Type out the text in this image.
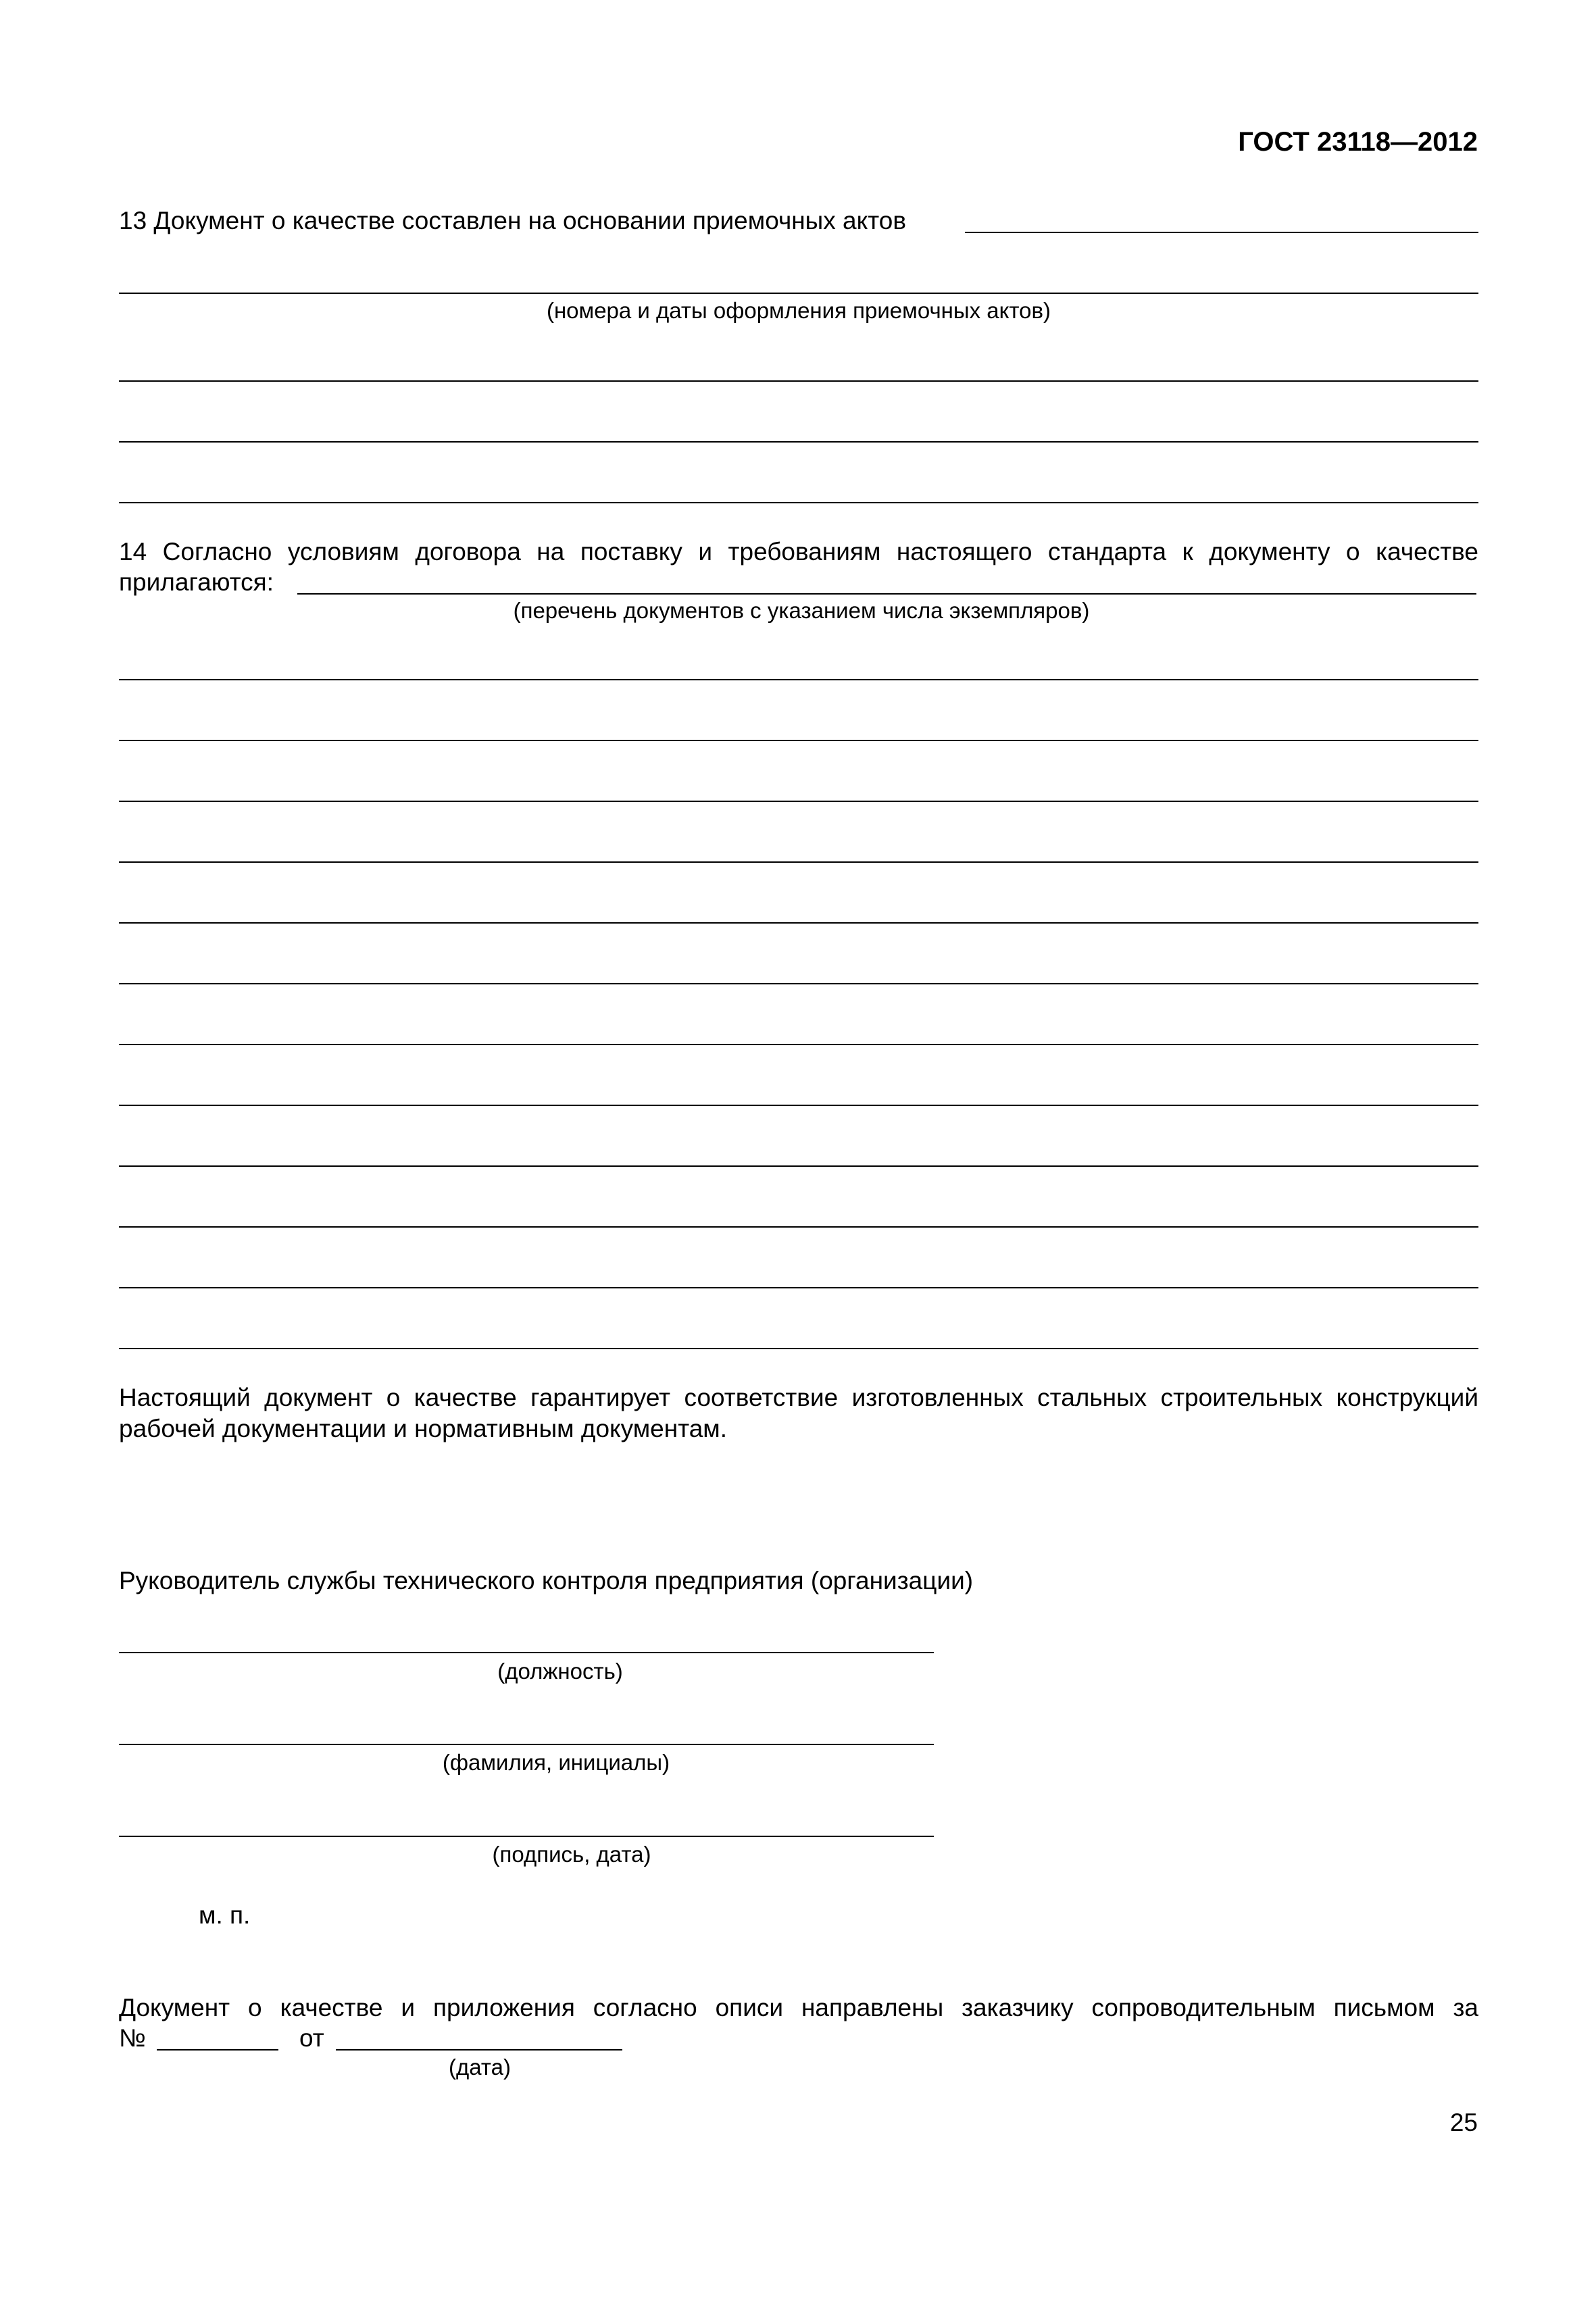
ГОСТ 23118—2012
13 Документ о качестве составлен на основании приемочных актов
(номера и даты оформления приемочных актов)
14 Согласно условиям договора на поставку и требованиям настоящего стандарта к документу о качестве
прилагаются:
(перечень документов с указанием числа экземпляров)
Настоящий документ о качестве гарантирует соответствие изготовленных стальных строительных конструкций
рабочей документации и нормативным документам.
Руководитель службы технического контроля предприятия (организации)
(должность)
(фамилия, инициалы)
(подпись, дата)
м. п.
Документ о качестве и приложения согласно описи направлены заказчику сопроводительным письмом за
№	от
(дата)
25
